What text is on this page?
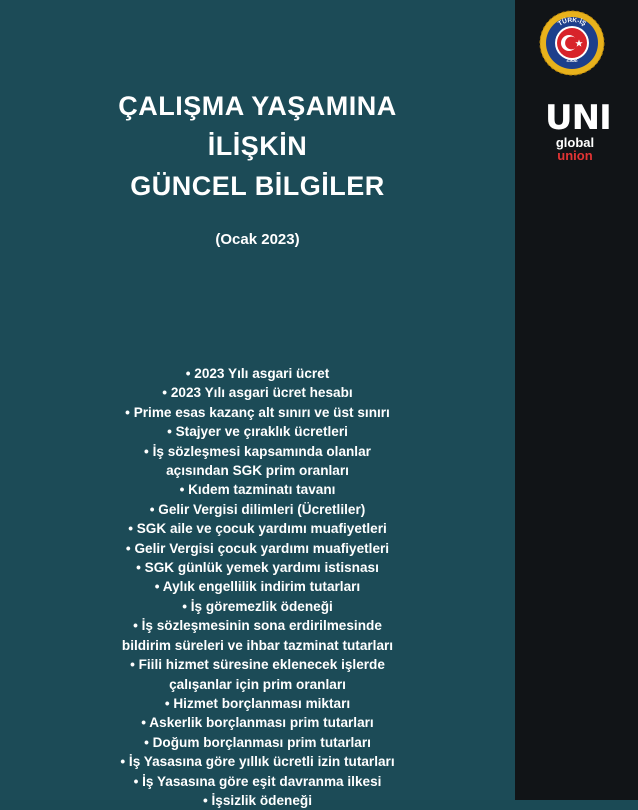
ÇALIŞMA YAŞAMINA
İLİŞKİN
GÜNCEL BİLGİLER
(Ocak 2023)
• 2023 Yılı asgari ücret
• 2023 Yılı asgari ücret hesabı
• Prime esas kazanç alt sınırı ve üst sınırı
• Stajyer ve çıraklık ücretleri
• İş sözleşmesi kapsamında olanlar
açısından SGK prim oranları
• Kıdem tazminatı tavanı
• Gelir Vergisi dilimleri (Ücretliler)
• SGK aile ve çocuk yardımı muafiyetleri
• Gelir Vergisi çocuk yardımı muafiyetleri
• SGK günlük yemek yardımı istisnası
• Aylık engellilik indirim tutarları
• İş göremezlik ödeneği
• İş sözleşmesinin sona erdirilmesinde
bildirim süreleri ve ihbar tazminat tutarları
• Fiili hizmet süresine eklenecek işlerde
çalışanlar için prim oranları
• Hizmet borçlanması miktarı
• Askerlik borçlanması prim tutarları
• Doğum borçlanması prim tutarları
• İş Yasasına göre yıllık ücretli izin tutarları
• İş Yasasına göre eşit davranma ilkesi
• İşsizlik ödeneği
TÜRK-İŞ
1952
UNI
global
union
